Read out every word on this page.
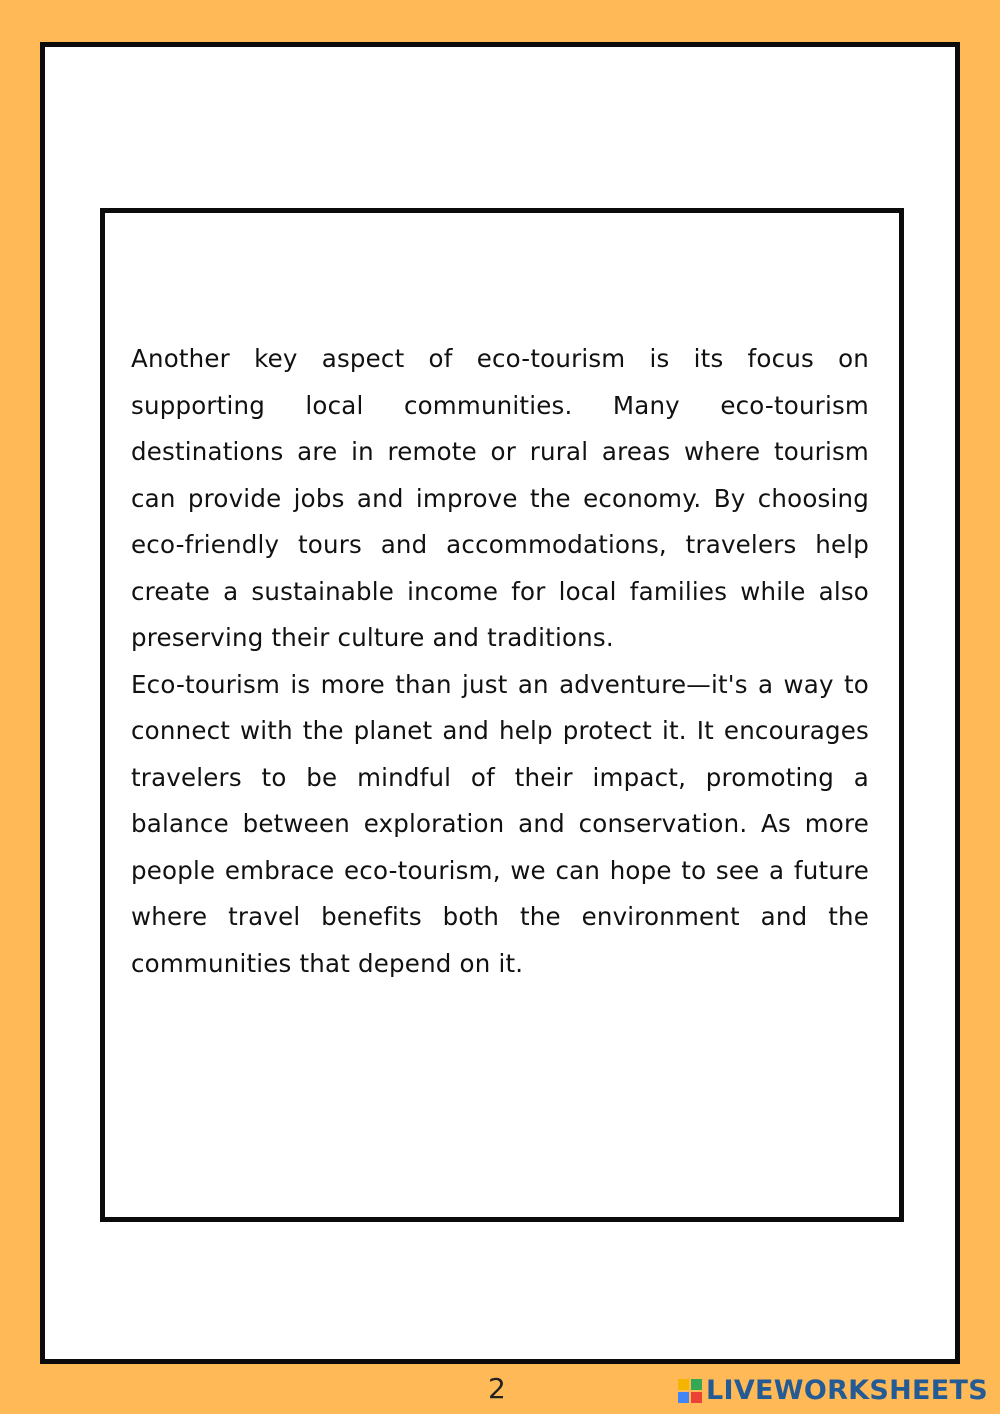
Another key aspect of eco-tourism is its focus on supporting local communities. Many eco-tourism destinations are in remote or rural areas where tourism can provide jobs and improve the economy. By choosing eco-friendly tours and accommodations, travelers help create a sustainable income for local families while also preserving their culture and traditions.

Eco-tourism is more than just an adventure—it's a way to connect with the planet and help protect it. It encourages travelers to be mindful of their impact, promoting a balance between exploration and conservation. As more people embrace eco-tourism, we can hope to see a future where travel benefits both the environment and the communities that depend on it.

2	LIVEWORKSHEETS
